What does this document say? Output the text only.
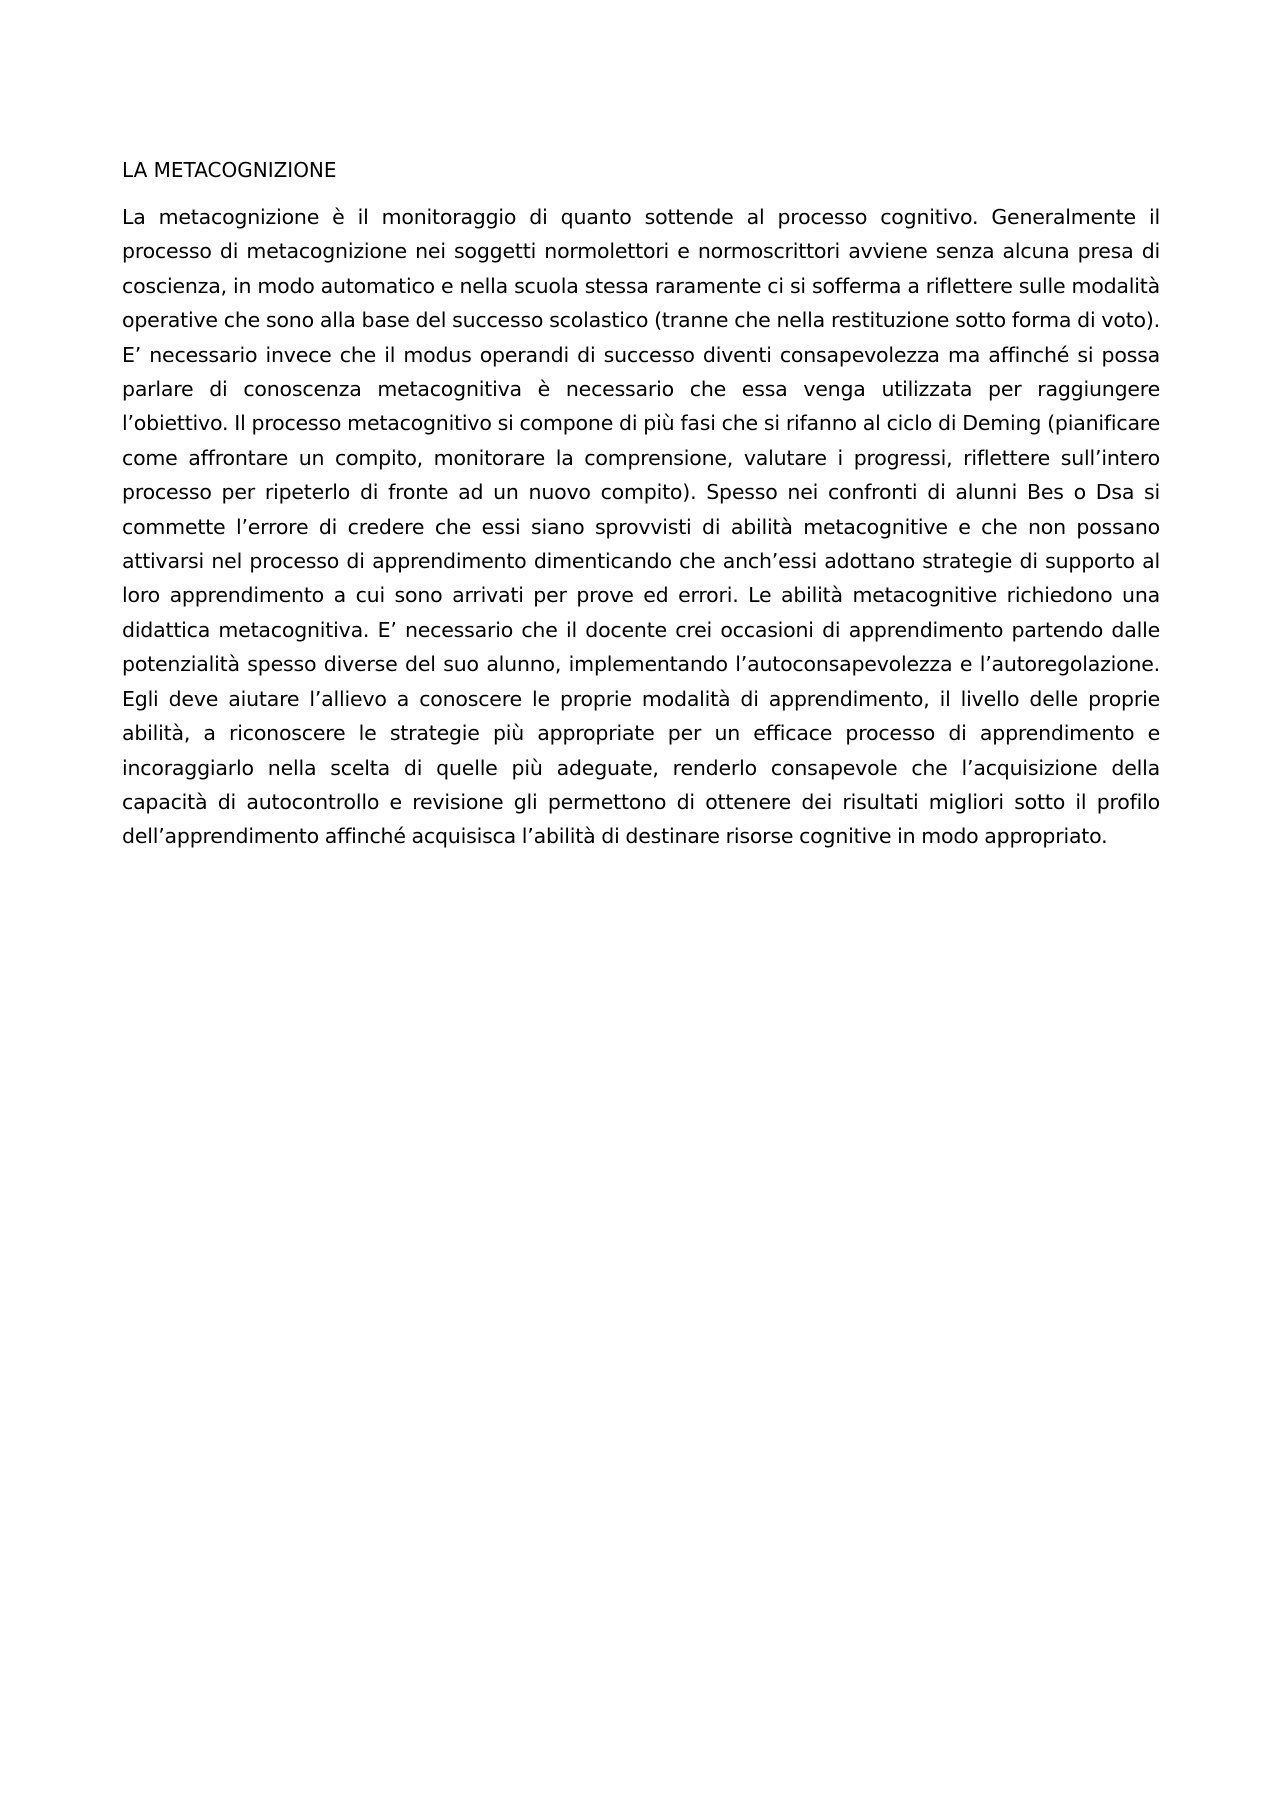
LA METACOGNIZIONE

La metacognizione è il monitoraggio di quanto sottende al processo cognitivo. Generalmente il processo di metacognizione nei soggetti normolettori e normoscrittori avviene senza alcuna presa di coscienza, in modo automatico e nella scuola stessa raramente ci si sofferma a riflettere sulle modalità operative che sono alla base del successo scolastico (tranne che nella restituzione sotto forma di voto). E’ necessario invece che il modus operandi di successo diventi consapevolezza ma affinché si possa parlare di conoscenza metacognitiva è necessario che essa venga utilizzata per raggiungere l’obiettivo. Il processo metacognitivo si compone di più fasi che si rifanno al ciclo di Deming (pianificare come affrontare un compito, monitorare la comprensione, valutare i progressi, riflettere sull’intero processo per ripeterlo di fronte ad un nuovo compito). Spesso nei confronti di alunni Bes o Dsa si commette l’errore di credere che essi siano sprovvisti di abilità metacognitive e che non possano attivarsi nel processo di apprendimento dimenticando che anch’essi adottano strategie di supporto al loro apprendimento a cui sono arrivati per prove ed errori. Le abilità metacognitive richiedono una didattica metacognitiva. E’ necessario che il docente crei occasioni di apprendimento partendo dalle potenzialità spesso diverse del suo alunno, implementando l’autoconsapevolezza e l’autoregolazione. Egli deve aiutare l’allievo a conoscere le proprie modalità di apprendimento, il livello delle proprie abilità, a riconoscere le strategie più appropriate per un efficace processo di apprendimento e incoraggiarlo nella scelta di quelle più adeguate, renderlo consapevole che l’acquisizione della capacità di autocontrollo e revisione gli permettono di ottenere dei risultati migliori sotto il profilo dell’apprendimento affinché acquisisca l’abilità di destinare risorse cognitive in modo appropriato.
